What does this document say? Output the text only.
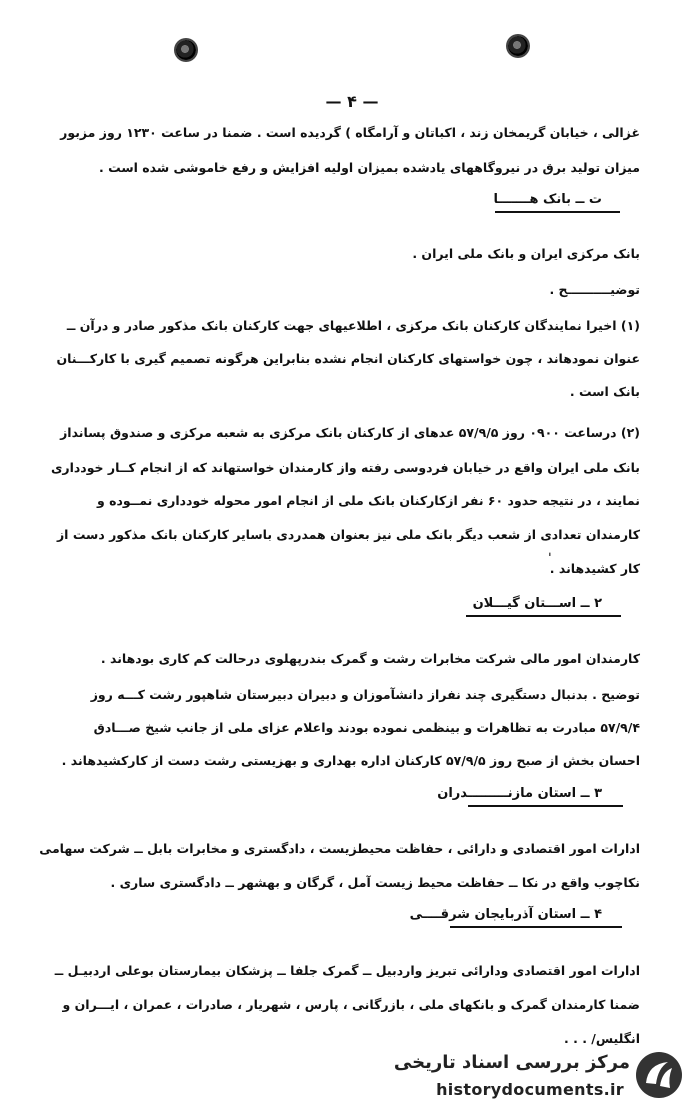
— ۴ —
غزالی ، خیابان گریمخان زند ، اکباتان و آرامگاه ) گردیده است . ضمنا در ساعت ۱۲۳۰ روز مزبور
میزان تولید برق در نیروگاههای یادشده بمیزان اولیه افزایش و رفع خاموشی شده است .
ت ــ بانک هـــــــا
بانک مرکزی ایران و بانک ملی ایران .
توضیــــــــــح .
(۱) اخیرا نمایندگان کارکنان بانک مرکزی ، اطلاعیهای جهت کارکنان بانک مذکور صادر و درآن ــ
عنوان نمودهاند ، چون خواستهای کارکنان انجام نشده بنابراین هرگونه تصمیم گیری با کارکـــنان
بانک است .
(۲) درساعت ۰۹۰۰ روز ۵۷/۹/۵ عدهای از کارکنان بانک مرکزی به شعبه مرکزی و صندوق پسانداز
بانک ملی ایران واقع در خیابان فردوسی رفته واز کارمندان خواستهاند که از انجام کــار خودداری
نمایند ، در نتیجه حدود ۶۰ نفر ازکارکنان بانک ملی از انجام امور محوله خودداری نمــوده و
کارمندان تعدادی از شعب دیگر بانک ملی نیز بعنوان همدردی باسایر کارکنان بانک مذکور دست از
کار کشیدهاند .
ˈ
۲ ــ اســـتان گیـــلان
کارمندان امور مالی شرکت مخابرات رشت و گمرک بندرپهلوی درحالت کم کاری بودهاند .
توضیح . بدنبال دستگیری چند نفراز دانشآموزان و دبیران دبیرستان شاهپور رشت کـــه روز
۵۷/۹/۴ مبادرت به تظاهرات و بینظمی نموده بودند واعلام عزای ملی از جانب شیخ صـــادق
احسان بخش از صبح روز ۵۷/۹/۵ کارکنان اداره بهداری و بهزیستی رشت دست از کارکشیدهاند .
۳ ــ استان مازنـــــــــدران
ادارات امور اقتصادی و دارائی ، حفاظت محیطزیست ، دادگستری و مخابرات بابل ــ شرکت سهامی
نکاچوب واقع در نکا ــ حفاظت محیط زیست آمل ، گرگان و بهشهر ــ دادگستری ساری .
۴ ــ استان آذربایجان شرقــــی
ادارات امور اقتصادی ودارائی تبریز واردبیل ــ گمرک جلفا ــ پزشکان بیمارستان بوعلی اردبیـل ــ
ضمنا کارمندان گمرک و بانکهای ملی ، بازرگانی ، پارس ، شهریار ، صادرات ، عمران ، ایـــران و
انگلیس/ . . .
مرکز بررسی اسناد تاریخی
historydocuments.ir
